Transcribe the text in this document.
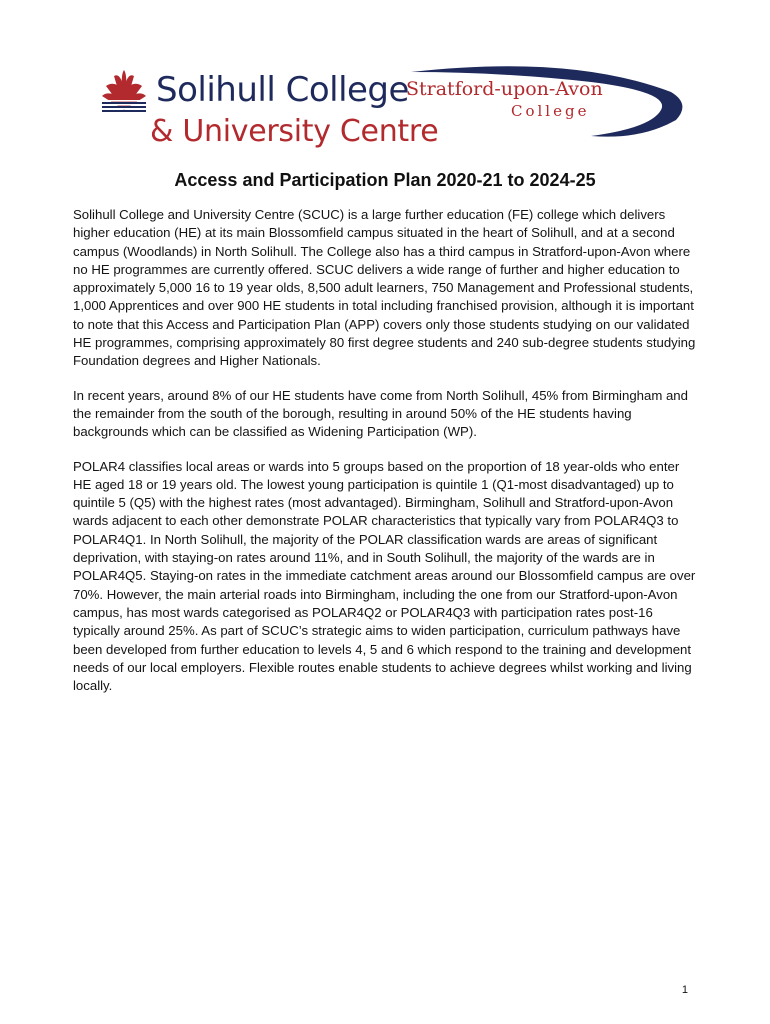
Solihull College
& University Centre
Stratford-upon-Avon
College
Access and Participation Plan 2020-21 to 2024-25

Solihull College and University Centre (SCUC) is a large further education (FE) college which delivers higher education (HE) at its main Blossomfield campus situated in the heart of Solihull, and at a second campus (Woodlands) in North Solihull. The College also has a third campus in Stratford-upon-Avon where no HE programmes are currently offered. SCUC delivers a wide range of further and higher education to approximately 5,000 16 to 19 year olds, 8,500 adult learners, 750 Management and Professional students, 1,000 Apprentices and over 900 HE students in total including franchised provision, although it is important to note that this Access and Participation Plan (APP) covers only those students studying on our validated HE programmes, comprising approximately 80 first degree students and 240 sub-degree students studying Foundation degrees and Higher Nationals.

In recent years, around 8% of our HE students have come from North Solihull, 45% from Birmingham and the remainder from the south of the borough, resulting in around 50% of the HE students having backgrounds which can be classified as Widening Participation (WP).

POLAR4 classifies local areas or wards into 5 groups based on the proportion of 18 year-olds who enter HE aged 18 or 19 years old. The lowest young participation is quintile 1 (Q1-most disadvantaged) up to quintile 5 (Q5) with the highest rates (most advantaged). Birmingham, Solihull and Stratford-upon-Avon wards adjacent to each other demonstrate POLAR characteristics that typically vary from POLAR4Q3 to POLAR4Q1. In North Solihull, the majority of the POLAR classification wards are areas of significant deprivation, with staying-on rates around 11%, and in South Solihull, the majority of the wards are in POLAR4Q5. Staying-on rates in the immediate catchment areas around our Blossomfield campus are over 70%. However, the main arterial roads into Birmingham, including the one from our Stratford-upon-Avon campus, has most wards categorised as POLAR4Q2 or POLAR4Q3 with participation rates post-16 typically around 25%. As part of SCUC’s strategic aims to widen participation, curriculum pathways have been developed from further education to levels 4, 5 and 6 which respond to the training and development needs of our local employers. Flexible routes enable students to achieve degrees whilst working and living locally.

1
